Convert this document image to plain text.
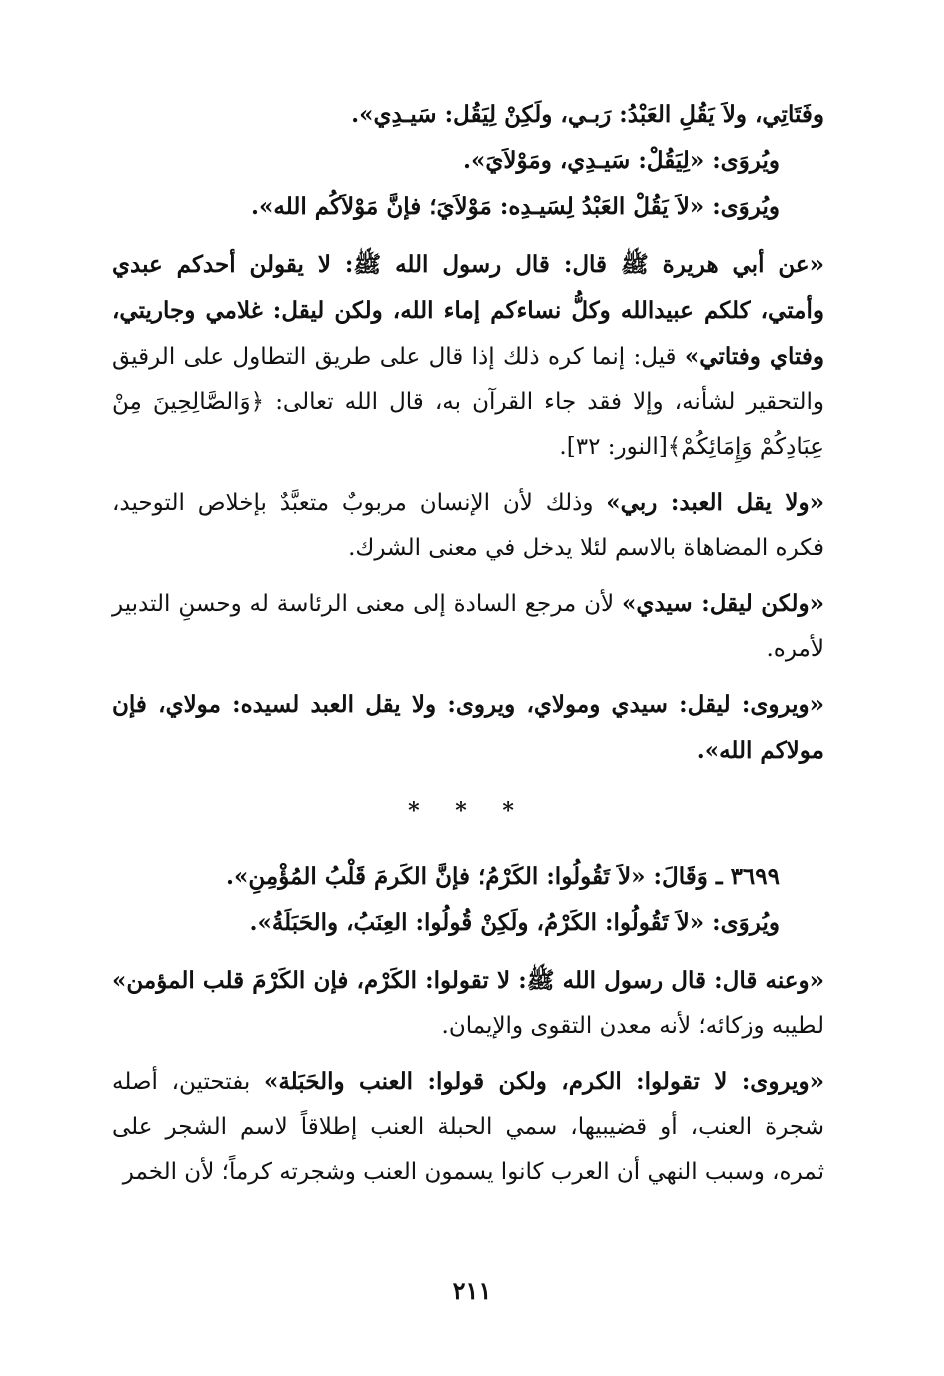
وفَتَاتِي، ولاَ يَقُلِ العَبْدُ: رَبـي، ولَكِنْ لِيَقُل: سَيـدِي».
ويُروَى: «لِيَقُلْ: سَيـدِي، ومَوْلاَيَ».
ويُروَى: «لاَ يَقُلْ العَبْدُ لِسَيـدِه: مَوْلاَيَ؛ فإنَّ مَوْلاَكُم الله».

«عن أبي هريرة ﷺ قال: قال رسول الله ﷺ: لا يقولن أحدكم عبدي وأمتي، كلكم عبيدالله وكلُّ نساءكم إماء الله، ولكن ليقل: غلامي وجاريتي، وفتاي وفتاتي» قيل: إنما كره ذلك إذا قال على طريق التطاول على الرقيق والتحقير لشأنه، وإلا فقد جاء القرآن به، قال الله تعالى: ﴿وَالصَّالِحِينَ مِنْ عِبَادِكُمْ وَإِمَائِكُمْ﴾[النور: ٣٢].

«ولا يقل العبد: ربي» وذلك لأن الإنسان مربوبٌ متعبَّدٌ بإخلاص التوحيد، فكره المضاهاة بالاسم لئلا يدخل في معنى الشرك.

«ولكن ليقل: سيدي» لأن مرجع السادة إلى معنى الرئاسة له وحسنِ التدبير لأمره.

«ويروى: ليقل: سيدي ومولاي، ويروى: ولا يقل العبد لسيده: مولاي، فإن مولاكم الله».

* * *
٣٦٩٩ ـ وَقَالَ: «لاَ تَقُولُوا: الكَرْمُ؛ فإنَّ الكَرمَ قَلْبُ المُؤْمِنِ».
ويُروَى: «لاَ تَقُولُوا: الكَرْمُ، ولَكِنْ قُولُوا: العِنَبُ، والحَبَلَةُ».

«وعنه قال: قال رسول الله ﷺ: لا تقولوا: الكَرْم، فإن الكَرْمَ قلب المؤمن» لطيبه وزكائه؛ لأنه معدن التقوى والإيمان.

«ويروى: لا تقولوا: الكرم، ولكن قولوا: العنب والحَبَلة» بفتحتين، أصله شجرة العنب، أو قضيبيها، سمي الحبلة العنب إطلاقاً لاسم الشجر على ثمره، وسبب النهي أن العرب كانوا يسمون العنب وشجرته كرماً؛ لأن الخمر

٢١١
